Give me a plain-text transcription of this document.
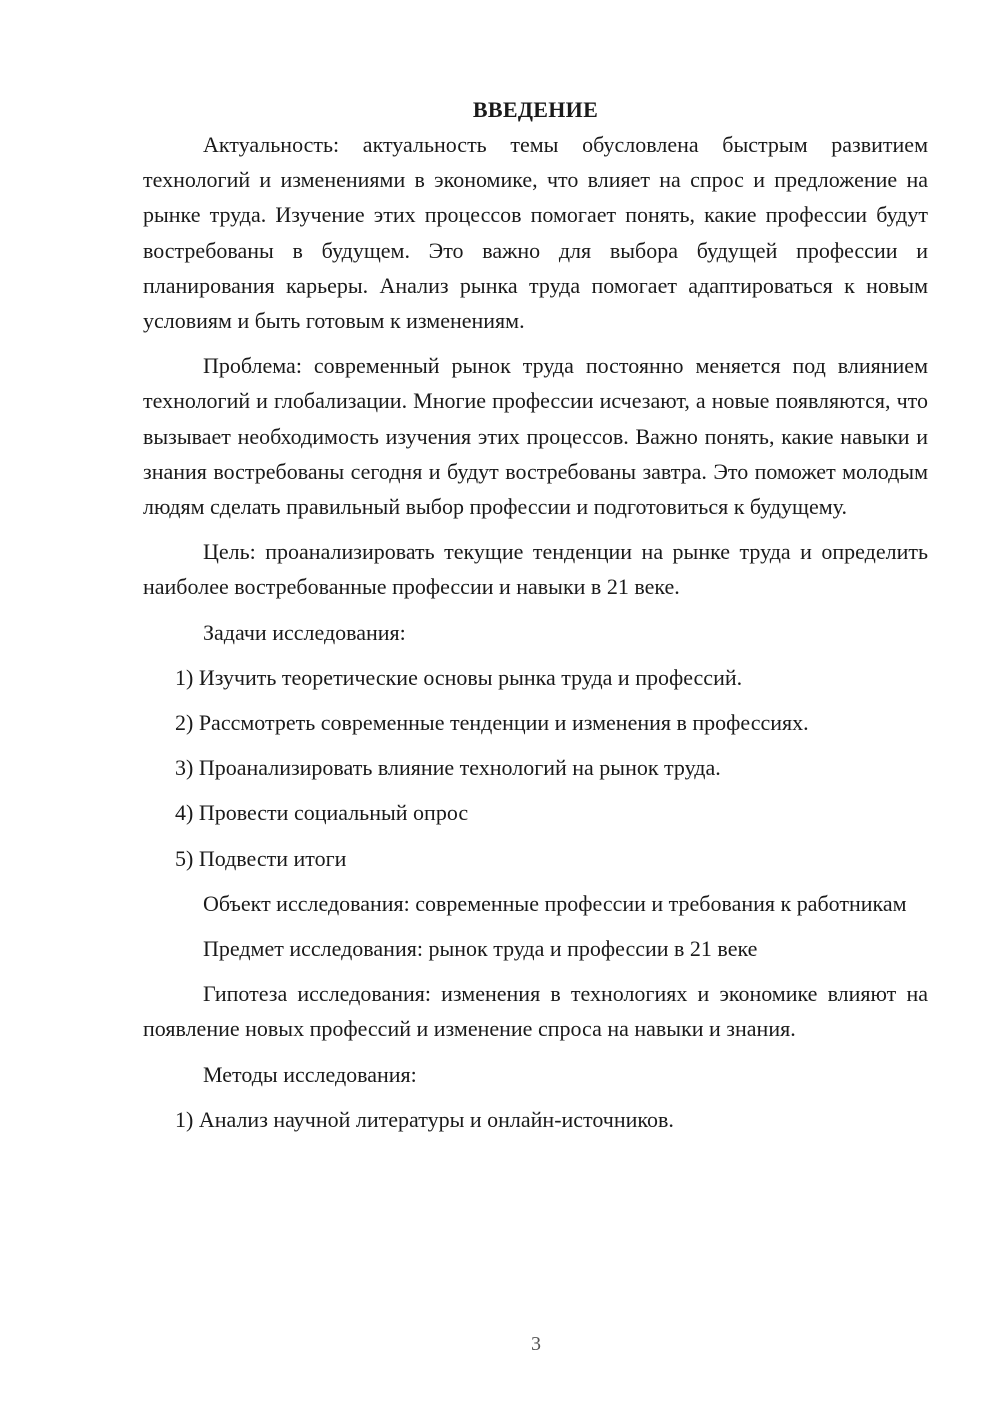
ВВЕДЕНИЕ

Актуальность: актуальность темы обусловлена быстрым развитием технологий и изменениями в экономике, что влияет на спрос и предложение на рынке труда. Изучение этих процессов помогает понять, какие профессии будут востребованы в будущем. Это важно для выбора будущей профессии и планирования карьеры. Анализ рынка труда помогает адаптироваться к новым условиям и быть готовым к изменениям.

Проблема: современный рынок труда постоянно меняется под влиянием технологий и глобализации. Многие профессии исчезают, а новые появляются, что вызывает необходимость изучения этих процессов. Важно понять, какие навыки и знания востребованы сегодня и будут востребованы завтра. Это поможет молодым людям сделать правильный выбор профессии и подготовиться к будущему.

Цель: проанализировать текущие тенденции на рынке труда и определить наиболее востребованные профессии и навыки в 21 веке.

Задачи исследования:

1) Изучить теоретические основы рынка труда и профессий.
2) Рассмотреть современные тенденции и изменения в профессиях.
3) Проанализировать влияние технологий на рынок труда.
4) Провести социальный опрос
5) Подвести итоги

Объект исследования: современные профессии и требования к работникам

Предмет исследования: рынок труда и профессии в 21 веке

Гипотеза исследования: изменения в технологиях и экономике влияют на появление новых профессий и изменение спроса на навыки и знания.

Методы исследования:

1) Анализ научной литературы и онлайн-источников.
3
